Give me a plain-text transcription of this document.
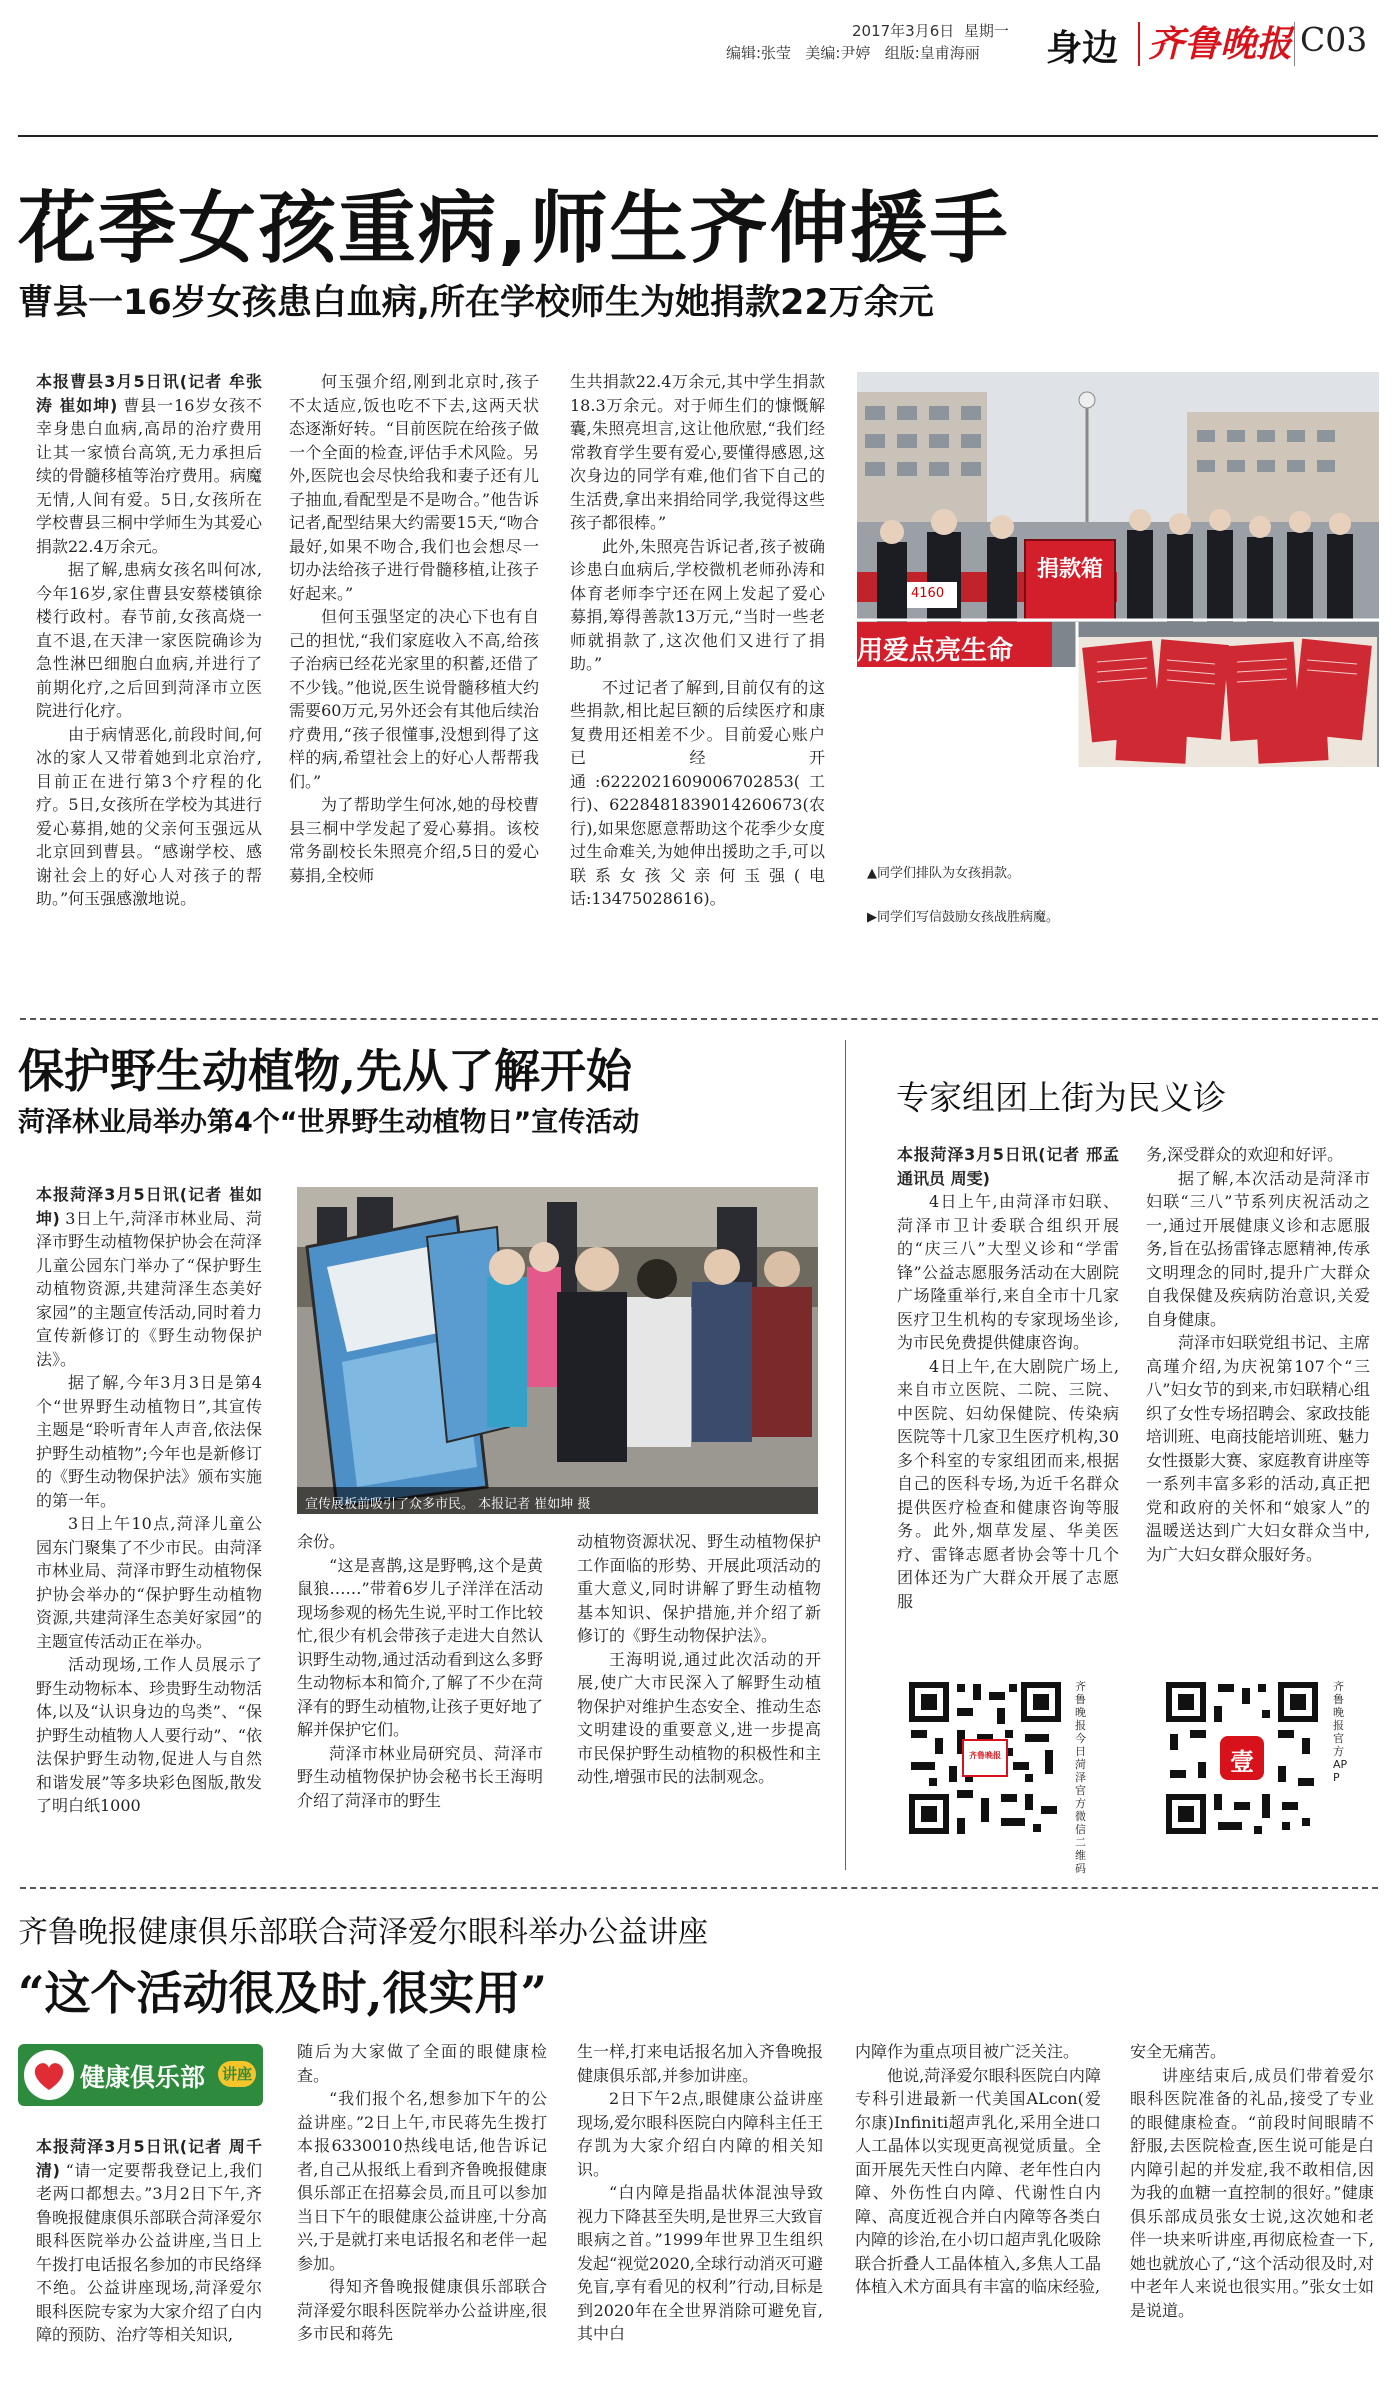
2017年3月6日 星期一
编辑:张莹   美编:尹婷   组版:皇甫海丽 身边 齐鲁晚报 C03
花季女孩重病,师生齐伸援手
曹县一16岁女孩患白血病,所在学校师生为她捐款22万余元

本报曹县3月5日讯(记者 牟张涛 崔如坤) 曹县一16岁女孩不幸身患白血病,高昂的治疗费用让其一家愤台高筑,无力承担后续的骨髓移植等治疗费用。病魔无情,人间有爱。5日,女孩所在学校曹县三桐中学师生为其爱心捐款22.4万余元。

据了解,患病女孩名叫何冰,今年16岁,家住曹县安蔡楼镇徐楼行政村。春节前,女孩高烧一直不退,在天津一家医院确诊为急性淋巴细胞白血病,并进行了前期化疗,之后回到菏泽市立医院进行化疗。

由于病情恶化,前段时间,何冰的家人又带着她到北京治疗,目前正在进行第3个疗程的化疗。5日,女孩所在学校为其进行爱心募捐,她的父亲何玉强远从北京回到曹县。“感谢学校、感谢社会上的好心人对孩子的帮助。”何玉强感激地说。

何玉强介绍,刚到北京时,孩子不太适应,饭也吃不下去,这两天状态逐渐好转。“目前医院在给孩子做一个全面的检查,评估手术风险。另外,医院也会尽快给我和妻子还有儿子抽血,看配型是不是吻合。”他告诉记者,配型结果大约需要15天,“吻合最好,如果不吻合,我们也会想尽一切办法给孩子进行骨髓移植,让孩子好起来。”

但何玉强坚定的决心下也有自己的担忧,“我们家庭收入不高,给孩子治病已经花光家里的积蓄,还借了不少钱。”他说,医生说骨髓移植大约需要60万元,另外还会有其他后续治疗费用,“孩子很懂事,没想到得了这样的病,希望社会上的好心人帮帮我们。”

为了帮助学生何冰,她的母校曹县三桐中学发起了爱心募捐。该校常务副校长朱照亮介绍,5日的爱心募捐,全校师

生共捐款22.4万余元,其中学生捐款18.3万余元。对于师生们的慷慨解囊,朱照亮坦言,这让他欣慰,“我们经常教育学生要有爱心,要懂得感恩,这次身边的同学有难,他们省下自己的生活费,拿出来捐给同学,我觉得这些孩子都很棒。”

此外,朱照亮告诉记者,孩子被确诊患白血病后,学校微机老师孙涛和体育老师李宁还在网上发起了爱心募捐,筹得善款13万元,“当时一些老师就捐款了,这次他们又进行了捐助。”

不过记者了解到,目前仅有的这些捐款,相比起巨额的后续医疗和康复费用还相差不少。目前爱心账户已经开通:6222021609006702853(工行)、6228481839014260673(农行),如果您愿意帮助这个花季少女度过生命难关,为她伸出援助之手,可以联系女孩父亲何玉强(电话:13475028616)。

捐款箱
4160
用爱点亮生命
▲同学们排队为女孩捐款。
▶同学们写信鼓励女孩战胜病魔。
保护野生动植物,先从了解开始
菏泽林业局举办第4个“世界野生动植物日”宣传活动

本报菏泽3月5日讯(记者 崔如坤) 3日上午,菏泽市林业局、菏泽市野生动植物保护协会在菏泽儿童公园东门举办了“保护野生动植物资源,共建菏泽生态美好家园”的主题宣传活动,同时着力宣传新修订的《野生动物保护法》。

据了解,今年3月3日是第4个“世界野生动植物日”,其宣传主题是“聆听青年人声音,依法保护野生动植物”;今年也是新修订的《野生动物保护法》颁布实施的第一年。

3日上午10点,菏泽儿童公园东门聚集了不少市民。由菏泽市林业局、菏泽市野生动植物保护协会举办的“保护野生动植物资源,共建菏泽生态美好家园”的主题宣传活动正在举办。

活动现场,工作人员展示了野生动物标本、珍贵野生动物活体,以及“认识身边的鸟类”、“保护野生动植物人人要行动”、“依法保护野生动物,促进人与自然和谐发展”等多块彩色图版,散发了明白纸1000

宣传展板前吸引了众多市民。 本报记者 崔如坤 摄

余份。

“这是喜鹊,这是野鸭,这个是黄鼠狼……”带着6岁儿子洋洋在活动现场参观的杨先生说,平时工作比较忙,很少有机会带孩子走进大自然认识野生动物,通过活动看到这么多野生动物标本和简介,了解了不少在菏泽有的野生动植物,让孩子更好地了解并保护它们。

菏泽市林业局研究员、菏泽市野生动植物保护协会秘书长王海明介绍了菏泽市的野生

动植物资源状况、野生动植物保护工作面临的形势、开展此项活动的重大意义,同时讲解了野生动植物基本知识、保护措施,并介绍了新修订的《野生动物保护法》。

王海明说,通过此次活动的开展,使广大市民深入了解野生动植物保护对维护生态安全、推动生态文明建设的重要意义,进一步提高市民保护野生动植物的积极性和主动性,增强市民的法制观念。

专家组团上街为民义诊

本报菏泽3月5日讯(记者 邢孟 通讯员 周雯)

4日上午,由菏泽市妇联、菏泽市卫计委联合组织开展的“庆三八”大型义诊和“学雷锋”公益志愿服务活动在大剧院广场隆重举行,来自全市十几家医疗卫生机构的专家现场坐诊,为市民免费提供健康咨询。

4日上午,在大剧院广场上,来自市立医院、二院、三院、中医院、妇幼保健院、传染病医院等十几家卫生医疗机构,30多个科室的专家组团而来,根据自己的医科专场,为近千名群众提供医疗检查和健康咨询等服务。此外,烟草发屋、华美医疗、雷锋志愿者协会等十几个团体还为广大群众开展了志愿服

务,深受群众的欢迎和好评。

据了解,本次活动是菏泽市妇联“三八”节系列庆祝活动之一,通过开展健康义诊和志愿服务,旨在弘扬雷锋志愿精神,传承文明理念的同时,提升广大群众自我保健及疾病防治意识,关爱自身健康。

菏泽市妇联党组书记、主席高瑾介绍,为庆祝第107个“三八”妇女节的到来,市妇联精心组织了女性专场招聘会、家政技能培训班、电商技能培训班、魅力女性摄影大赛、家庭教育讲座等一系列丰富多彩的活动,真正把党和政府的关怀和“娘家人”的温暖送达到广大妇女群众当中,为广大妇女群众服好务。

齐鲁晚报
齐鲁晚报今日菏泽官方微信二维码
壹
齐鲁晚报官方APP
齐鲁晚报健康俱乐部联合菏泽爱尔眼科举办公益讲座
“这个活动很及时,很实用”
健康俱乐部 讲座

本报菏泽3月5日讯(记者 周千清) “请一定要帮我登记上,我们老两口都想去。”3月2日下午,齐鲁晚报健康俱乐部联合菏泽爱尔眼科医院举办公益讲座,当日上午拨打电话报名参加的市民络绎不绝。公益讲座现场,菏泽爱尔眼科医院专家为大家介绍了白内障的预防、治疗等相关知识,

随后为大家做了全面的眼健康检查。

“我们报个名,想参加下午的公益讲座。”2日上午,市民蒋先生拨打本报6330010热线电话,他告诉记者,自己从报纸上看到齐鲁晚报健康俱乐部正在招募会员,而且可以参加当日下午的眼健康公益讲座,十分高兴,于是就打来电话报名和老伴一起参加。

得知齐鲁晚报健康俱乐部联合菏泽爱尔眼科医院举办公益讲座,很多市民和蒋先

生一样,打来电话报名加入齐鲁晚报健康俱乐部,并参加讲座。

2日下午2点,眼健康公益讲座现场,爱尔眼科医院白内障科主任王存凯为大家介绍白内障的相关知识。

“白内障是指晶状体混浊导致视力下降甚至失明,是世界三大致盲眼病之首。”1999年世界卫生组织发起“视觉2020,全球行动消灭可避免盲,享有看见的权利”行动,目标是到2020年在全世界消除可避免盲,其中白

内障作为重点项目被广泛关注。

他说,菏泽爱尔眼科医院白内障专科引进最新一代美国ALcon(爱尔康)Infiniti超声乳化,采用全进口人工晶体以实现更高视觉质量。全面开展先天性白内障、老年性白内障、外伤性白内障、代谢性白内障、高度近视合并白内障等各类白内障的诊治,在小切口超声乳化吸除联合折叠人工晶体植入,多焦人工晶体植入术方面具有丰富的临床经验,

安全无痛苦。

讲座结束后,成员们带着爱尔眼科医院准备的礼品,接受了专业的眼健康检查。“前段时间眼睛不舒服,去医院检查,医生说可能是白内障引起的并发症,我不敢相信,因为我的血糖一直控制的很好。”健康俱乐部成员张女士说,这次她和老伴一块来听讲座,再彻底检查一下,她也就放心了,“这个活动很及时,对中老年人来说也很实用。”张女士如是说道。
